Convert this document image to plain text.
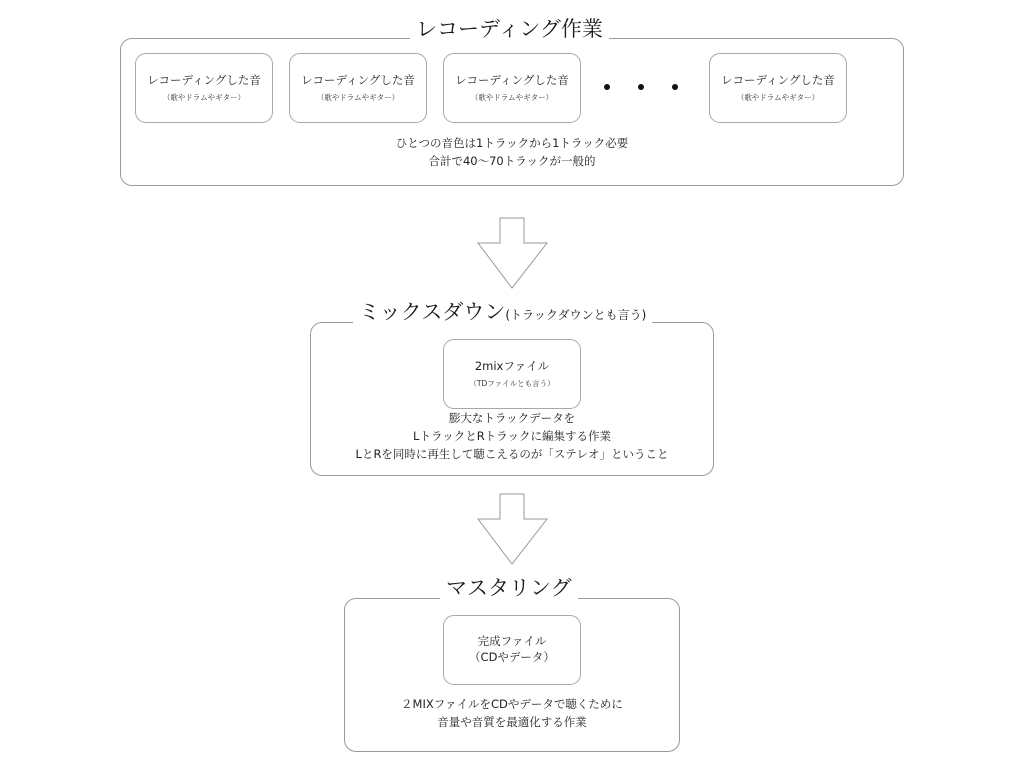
レコーディング作業
レコーディングした音
（歌やドラムやギター）
レコーディングした音
（歌やドラムやギター）
レコーディングした音
（歌やドラムやギター）
レコーディングした音
（歌やドラムやギター）
ひとつの音色は1トラックから1トラック必要
合計で40〜70トラックが一般的
ミックスダウン(トラックダウンとも言う)
2mixファイル
（TDファイルとも言う）
膨大なトラックデータを
LトラックとRトラックに編集する作業
LとRを同時に再生して聴こえるのが「ステレオ」ということ
マスタリング
完成ファイル
（CDやデータ）
２MIXファイルをCDやデータで聴くために
音量や音質を最適化する作業
